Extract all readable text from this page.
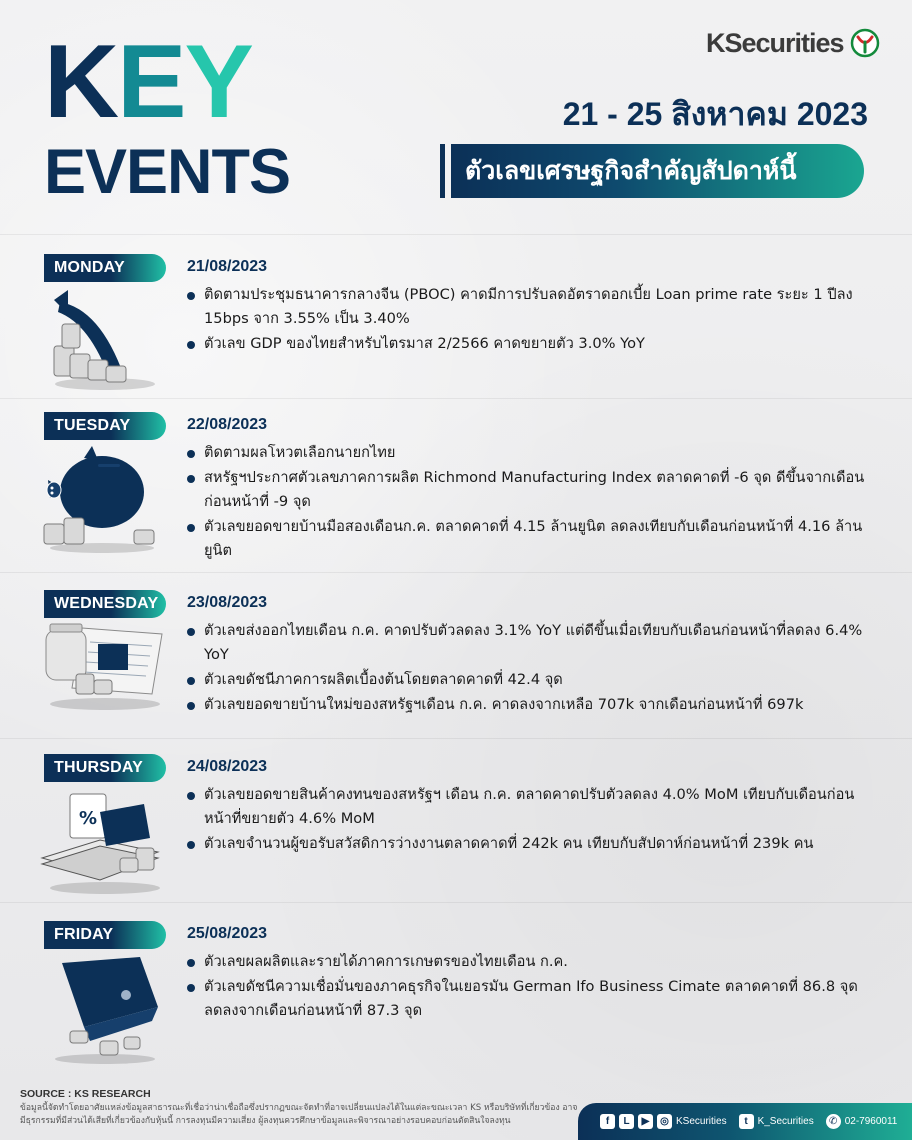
KEY
EVENTS
KSecurities
21 - 25 สิงหาคม 2023
ตัวเลขเศรษฐกิจสำคัญสัปดาห์นี้
MONDAY	21/08/2023
ติดตามประชุมธนาคารกลางจีน (PBOC) คาดมีการปรับลดอัตราดอกเบี้ย Loan prime rate ระยะ 1 ปีลง 15bps จาก 3.55% เป็น 3.40%
ตัวเลข GDP ของไทยสำหรับไตรมาส 2/2566 คาดขยายตัว 3.0% YoY
TUESDAY	22/08/2023
ติดตามผลโหวตเลือกนายกไทย
สหรัฐฯประกาศตัวเลขภาคการผลิต Richmond Manufacturing Index ตลาดคาดที่ -6 จุด ดีขึ้นจากเดือนก่อนหน้าที่ -9 จุด
ตัวเลขยอดขายบ้านมือสองเดือนก.ค. ตลาดคาดที่ 4.15 ล้านยูนิต ลดลงเทียบกับเดือนก่อนหน้าที่ 4.16 ล้านยูนิต
WEDNESDAY 23/08/2023
ตัวเลขส่งออกไทยเดือน ก.ค. คาดปรับตัวลดลง 3.1% YoY แต่ดีขึ้นเมื่อเทียบกับเดือนก่อนหน้าที่ลดลง 6.4% YoY
ตัวเลขดัชนีภาคการผลิตเบื้องต้นโดยตลาดคาดที่ 42.4 จุด
ตัวเลขยอดขายบ้านใหม่ของสหรัฐฯเดือน ก.ค. คาดลงจากเหลือ 707k จากเดือนก่อนหน้าที่ 697k
THURSDAY	24/08/2023
ตัวเลขยอดขายสินค้าคงทนของสหรัฐฯ เดือน ก.ค. ตลาดคาดปรับตัวลดลง 4.0% MoM เทียบกับเดือนก่อนหน้าที่ขยายตัว 4.6% MoM
ตัวเลขจำนวนผู้ขอรับสวัสดิการว่างงานตลาดคาดที่ 242k คน เทียบกับสัปดาห์ก่อนหน้าที่ 239k คน
%
FRIDAY	25/08/2023
ตัวเลขผลผลิตและรายได้ภาคการเกษตรของไทยเดือน ก.ค.
ตัวเลขดัชนีความเชื่อมั่นของภาคธุรกิจในเยอรมัน German Ifo Business Cimate ตลาดคาดที่ 86.8 จุด ลดลงจากเดือนก่อนหน้าที่ 87.3 จุด
SOURCE : KS RESEARCH
ข้อมูลนี้จัดทำโดยอาศัยแหล่งข้อมูลสาธารณะที่เชื่อว่าน่าเชื่อถือซึ่งปรากฏขณะจัดทำที่อาจเปลี่ยนแปลงได้ในแต่ละขณะเวลา KS หรือบริษัทที่เกี่ยวข้อง อาจมีธุรกรรมที่มีส่วนได้เสียที่เกี่ยวข้องกับหุ้นนี้ การลงทุนมีความเสี่ยง ผู้ลงทุนควรศึกษาข้อมูลและพิจารณาอย่างรอบคอบก่อนตัดสินใจลงทุน	f	L	▶	◎ KSecurities	t K_Securities	✆ 02-7960011
